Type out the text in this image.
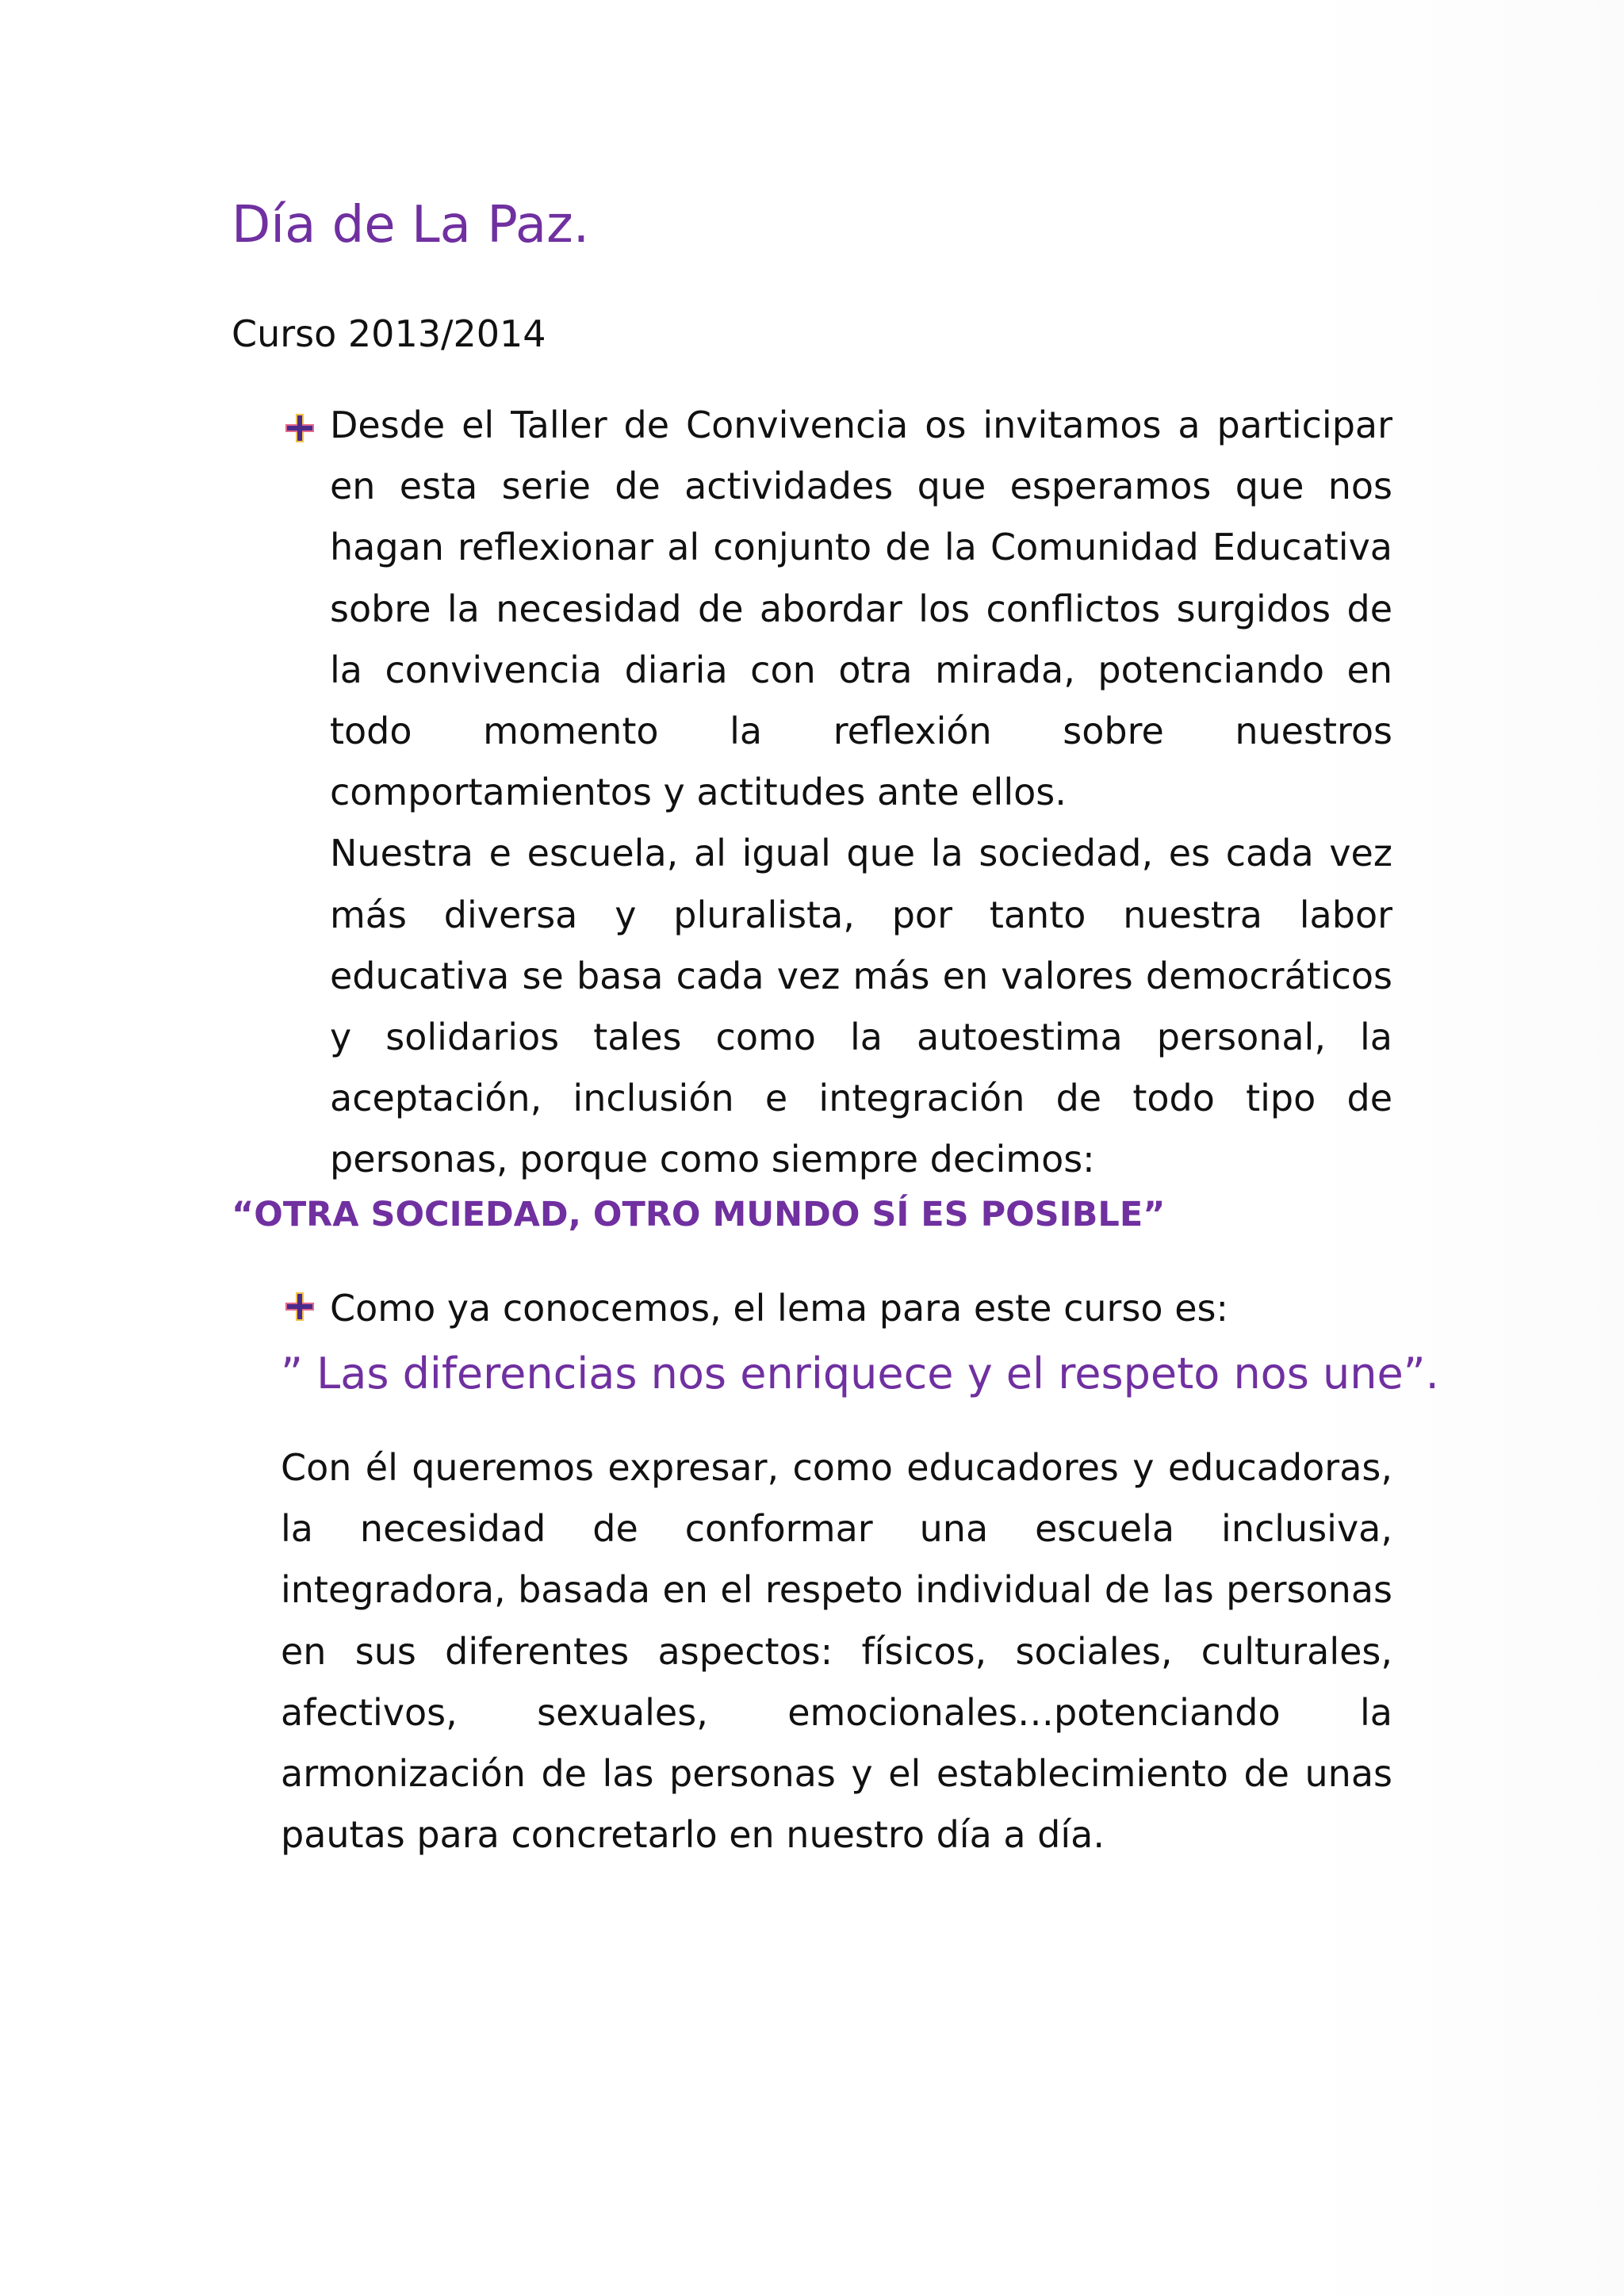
Día de La Paz.
Curso 2013/2014
Desde el Taller de Convivencia os invitamos a participar en esta serie de actividades que esperamos que nos hagan reflexionar al conjunto de la Comunidad Educativa sobre la necesidad de abordar los conflictos surgidos de la convivencia diaria con otra mirada, potenciando en todo momento la reflexión sobre nuestros comportamientos y actitudes ante ellos.
Nuestra e escuela, al igual que la sociedad, es cada vez más diversa y pluralista, por tanto nuestra labor educativa se basa cada vez más en valores democráticos y solidarios tales como la autoestima personal, la aceptación, inclusión e integración de todo tipo de personas, porque como siempre decimos:
“OTRA SOCIEDAD, OTRO MUNDO SÍ ES POSIBLE”
Como ya conocemos, el lema para este curso es:
” Las diferencias nos enriquece y el respeto nos une”.
Con él queremos expresar, como educadores y educadoras, la necesidad de conformar una escuela inclusiva, integradora, basada en el respeto individual de las personas en sus diferentes aspectos: físicos, sociales, culturales, afectivos, sexuales, emocionales…potenciando la armonización de las personas y el establecimiento de unas pautas para concretarlo en nuestro día a día.
